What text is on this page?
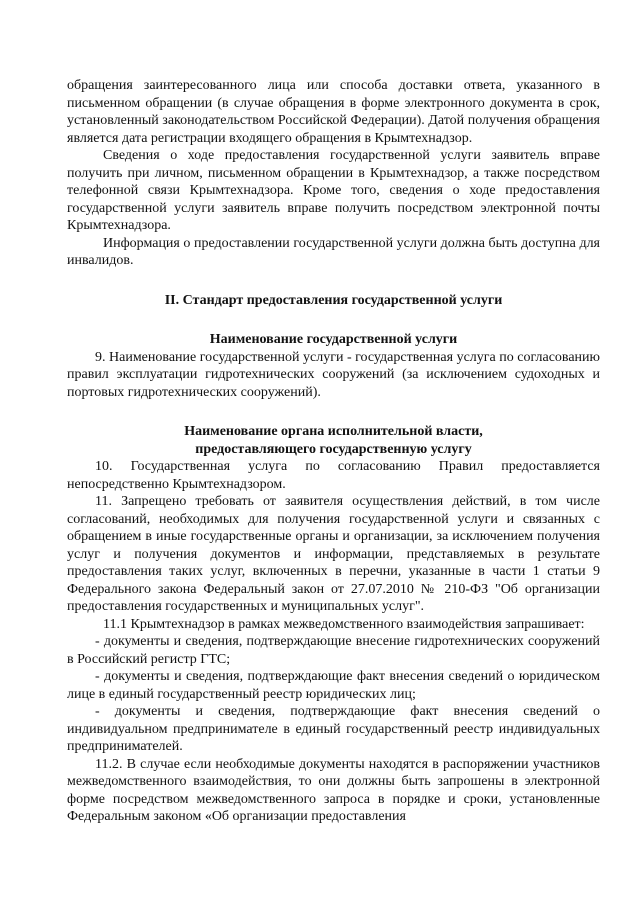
обращения заинтересованного лица или способа доставки ответа, указанного в письменном обращении (в случае обращения в форме электронного документа в срок, установленный законодательством Российской Федерации). Датой получения обращения является дата регистрации входящего обращения в Крымтехнадзор.

Сведения о ходе предоставления государственной услуги заявитель вправе получить при личном, письменном обращении в Крымтехнадзор, а также посредством телефонной связи Крымтехнадзора. Кроме того, сведения о ходе предоставления государственной услуги заявитель вправе получить посредством электронной почты Крымтехнадзора.

Информация о предоставлении государственной услуги должна быть доступна для инвалидов.

II. Стандарт предоставления государственной услуги

Наименование государственной услуги

9. Наименование государственной услуги - государственная услуга по согласованию правил эксплуатации гидротехнических сооружений (за исключением судоходных и портовых гидротехнических сооружений).

Наименование органа исполнительной власти,

предоставляющего государственную услугу

10. Государственная услуга по согласованию Правил предоставляется непосредственно Крымтехнадзором.

11. Запрещено требовать от заявителя осуществления действий, в том числе согласований, необходимых для получения государственной услуги и связанных с обращением в иные государственные органы и организации, за исключением получения услуг и получения документов и информации, представляемых в результате предоставления таких услуг, включенных в перечни, указанные в части 1 статьи 9 Федерального закона Федеральный закон от 27.07.2010 № 210-ФЗ "Об организации предоставления государственных и муниципальных услуг".

11.1 Крымтехнадзор в рамках межведомственного взаимодействия запрашивает:

- документы и сведения, подтверждающие внесение гидротехнических сооружений в Российский регистр ГТС;

- документы и сведения, подтверждающие факт внесения сведений о юридическом лице в единый государственный реестр юридических лиц;

- документы и сведения, подтверждающие факт внесения сведений о индивидуальном предпринимателе в единый государственный реестр индивидуальных предпринимателей.

11.2. В случае если необходимые документы находятся в распоряжении участников межведомственного взаимодействия, то они должны быть запрошены в электронной форме посредством межведомственного запроса в порядке и сроки, установленные Федеральным законом «Об организации предоставления
